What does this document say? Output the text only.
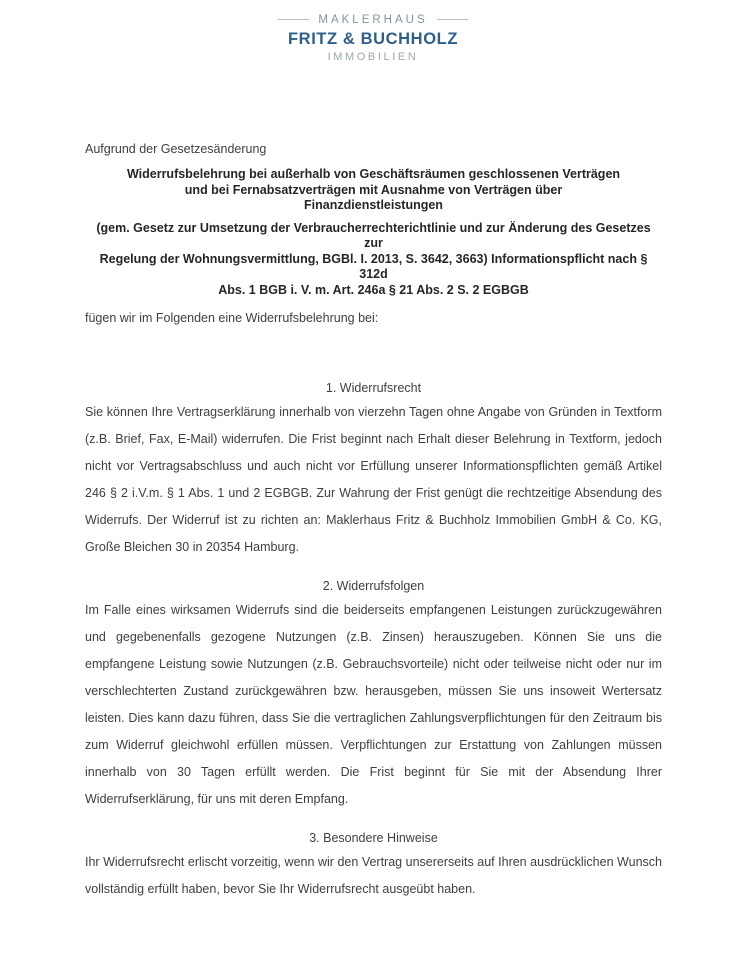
MAKLERHAUS
FRITZ & BUCHHOLZ
IMMOBILIEN

Aufgrund der Gesetzesänderung

Widerrufsbelehrung bei außerhalb von Geschäftsräumen geschlossenen Verträgen
und bei Fernabsatzverträgen mit Ausnahme von Verträgen über
Finanzdienstleistungen
(gem. Gesetz zur Umsetzung der Verbraucherrechterichtlinie und zur Änderung des Gesetzes
zur
Regelung der Wohnungsvermittlung, BGBl. I. 2013, S. 3642, 3663) Informationspflicht nach §
312d
Abs. 1 BGB i. V. m. Art. 246a § 21 Abs. 2 S. 2 EGBGB

fügen wir im Folgenden eine Widerrufsbelehrung bei:

1. Widerrufsrecht

Sie können Ihre Vertragserklärung innerhalb von vierzehn Tagen ohne Angabe von Gründen in Textform (z.B. Brief, Fax, E-Mail) widerrufen. Die Frist beginnt nach Erhalt dieser Belehrung in Textform, jedoch nicht vor Vertragsabschluss und auch nicht vor Erfüllung unserer Informationspflichten gemäß Artikel 246 § 2 i.V.m. § 1 Abs. 1 und 2 EGBGB. Zur Wahrung der Frist genügt die rechtzeitige Absendung des Widerrufs. Der Widerruf ist zu richten an: Maklerhaus Fritz & Buchholz Immobilien GmbH & Co. KG, Große Bleichen 30 in 20354 Hamburg.

2. Widerrufsfolgen

Im Falle eines wirksamen Widerrufs sind die beiderseits empfangenen Leistungen zurückzugewähren und gegebenenfalls gezogene Nutzungen (z.B. Zinsen) herauszugeben. Können Sie uns die empfangene Leistung sowie Nutzungen (z.B. Gebrauchsvorteile) nicht oder teilweise nicht oder nur im verschlechterten Zustand zurückgewähren bzw. herausgeben, müssen Sie uns insoweit Wertersatz leisten. Dies kann dazu führen, dass Sie die vertraglichen Zahlungsverpflichtungen für den Zeitraum bis zum Widerruf gleichwohl erfüllen müssen. Verpflichtungen zur Erstattung von Zahlungen müssen innerhalb von 30 Tagen erfüllt werden. Die Frist beginnt für Sie mit der Absendung Ihrer Widerrufserklärung, für uns mit deren Empfang.

3. Besondere Hinweise

Ihr Widerrufsrecht erlischt vorzeitig, wenn wir den Vertrag unsererseits auf Ihren ausdrücklichen Wunsch vollständig erfüllt haben, bevor Sie Ihr Widerrufsrecht ausgeübt haben.
